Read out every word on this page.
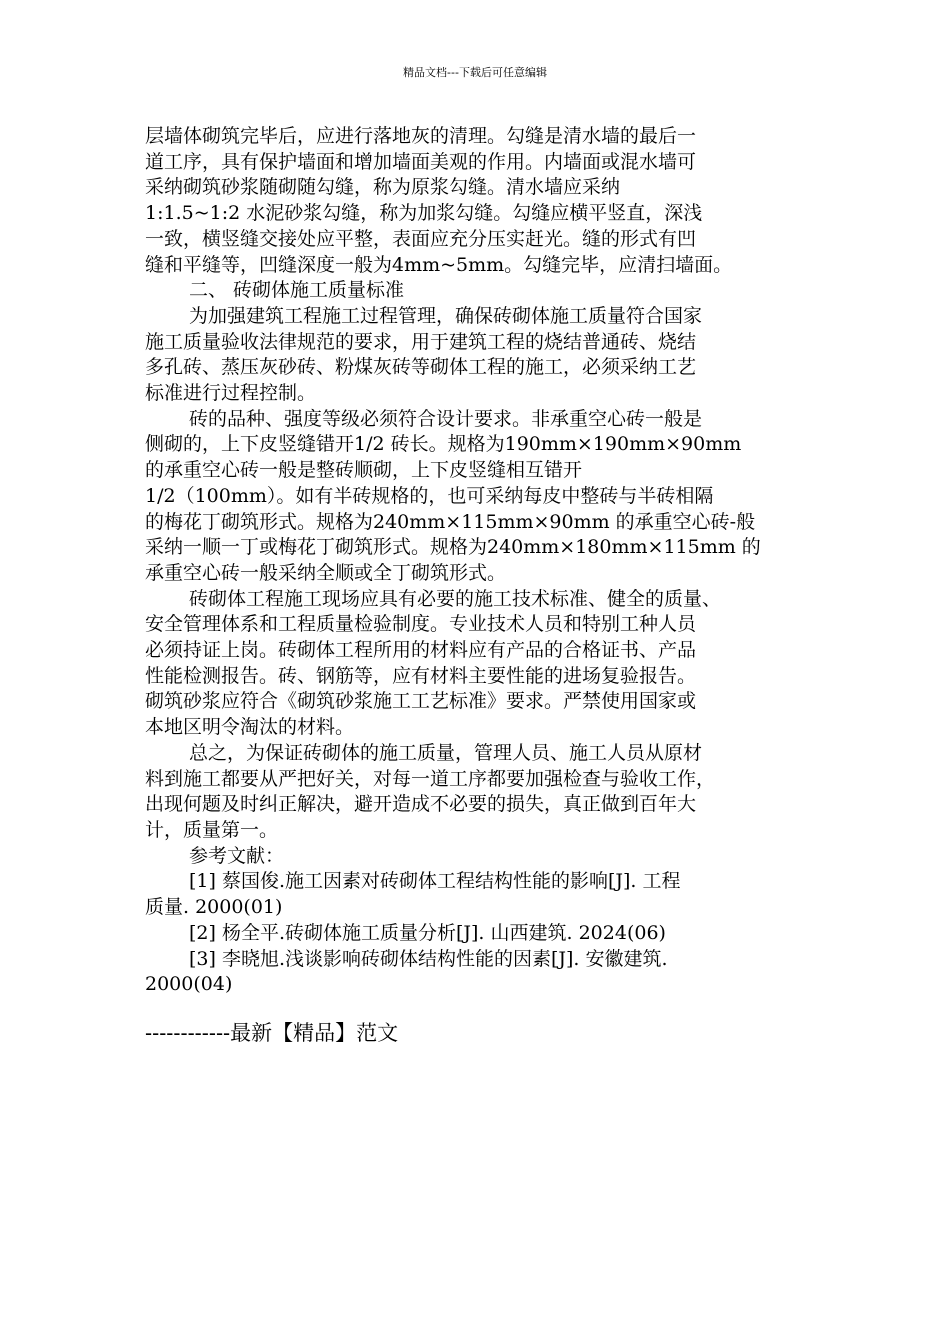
精品文档---下载后可任意编辑

层墙体砌筑完毕后，应进行落地灰的清理。勾缝是清水墙的最后一
道工序，具有保护墙面和增加墙面美观的作用。内墙面或混水墙可
采纳砌筑砂浆随砌随勾缝，称为原浆勾缝。清水墙应采纳
1:1.5~1:2 水泥砂浆勾缝，称为加浆勾缝。勾缝应横平竖直，深浅
一致，横竖缝交接处应平整，表面应充分压实赶光。缝的形式有凹
缝和平缝等，凹缝深度一般为4mm~5mm。勾缝完毕，应清扫墙面。

二、 砖砌体施工质量标准

为加强建筑工程施工过程管理，确保砖砌体施工质量符合国家
施工质量验收法律规范的要求，用于建筑工程的烧结普通砖、烧结
多孔砖、蒸压灰砂砖、粉煤灰砖等砌体工程的施工，必须采纳工艺
标准进行过程控制。

砖的品种、强度等级必须符合设计要求。非承重空心砖一般是
侧砌的，上下皮竖缝错开1/2 砖长。规格为190mm×190mm×90mm
的承重空心砖一般是整砖顺砌，上下皮竖缝相互错开
1/2（100mm）。如有半砖规格的，也可采纳每皮中整砖与半砖相隔
的梅花丁砌筑形式。规格为240mm×115mm×90mm 的承重空心砖-般
采纳一顺一丁或梅花丁砌筑形式。规格为240mm×180mm×115mm 的
承重空心砖一般采纳全顺或全丁砌筑形式。

砖砌体工程施工现场应具有必要的施工技术标准、健全的质量、
安全管理体系和工程质量检验制度。专业技术人员和特别工种人员
必须持证上岗。砖砌体工程所用的材料应有产品的合格证书、产品
性能检测报告。砖、钢筋等，应有材料主要性能的进场复验报告。
砌筑砂浆应符合《砌筑砂浆施工工艺标准》要求。严禁使用国家或
本地区明令淘汰的材料。

总之，为保证砖砌体的施工质量，管理人员、施工人员从原材
料到施工都要从严把好关，对每一道工序都要加强检查与验收工作，
出现何题及时纠正解决，避开造成不必要的损失，真正做到百年大
计，质量第一。

参考文献：

[1] 蔡国俊.施工因素对砖砌体工程结构性能的影响[J]. 工程
质量. 2000(01)

[2] 杨全平.砖砌体施工质量分析[J]. 山西建筑. 2024(06)

[3] 李晓旭.浅谈影响砖砌体结构性能的因素[J]. 安徽建筑.
2000(04)

------------最新【精品】范文
